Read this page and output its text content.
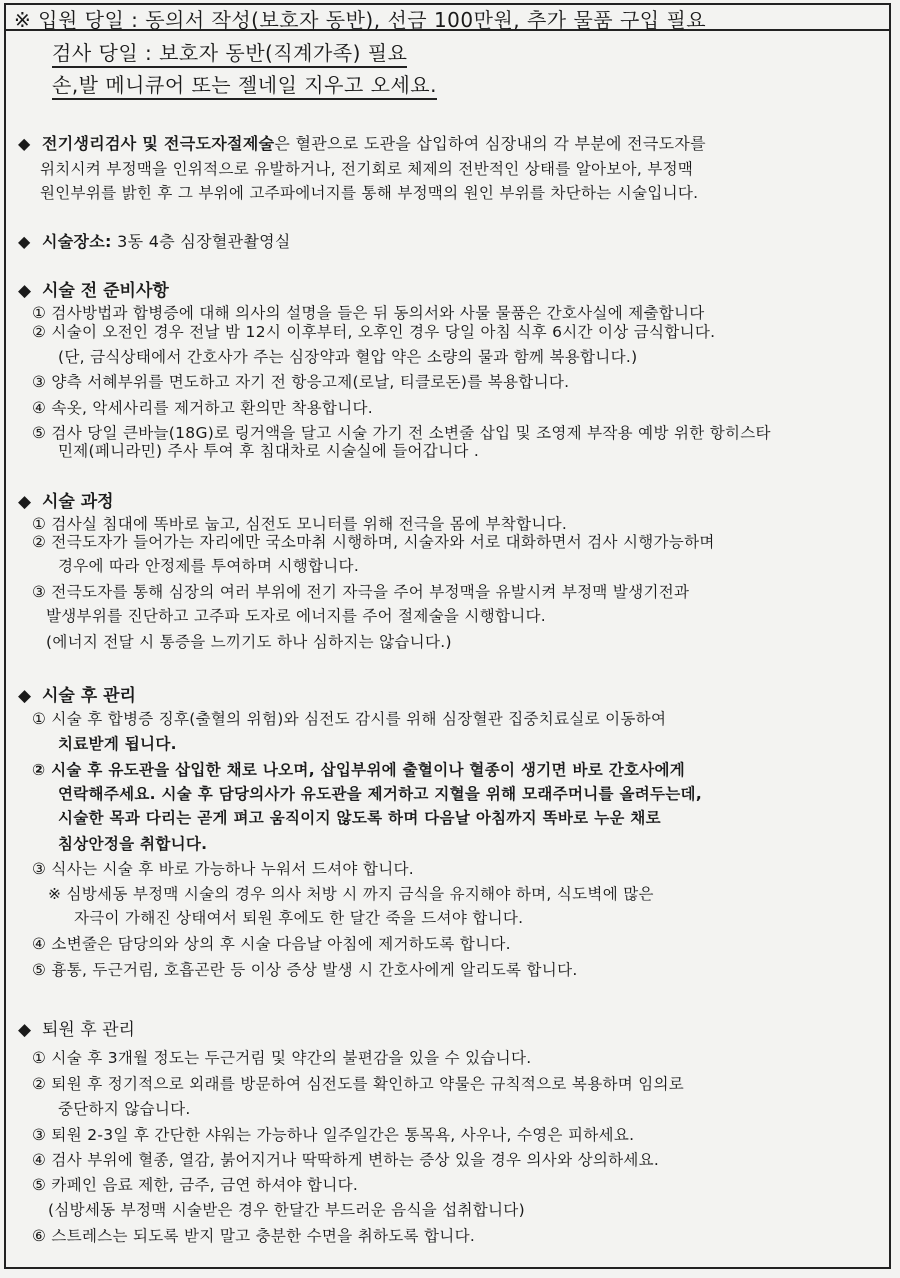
※ 입원 당일 : 동의서 작성(보호자 동반), 선금 100만원, 추가 물품 구입 필요
검사 당일 : 보호자 동반(직계가족) 필요
손,발 메니큐어 또는 젤네일 지우고 오세요.
◆ 전기생리검사 및 전극도자절제술은 혈관으로 도관을 삽입하여 심장내의 각 부분에 전극도자를
위치시켜 부정맥을 인위적으로 유발하거나, 전기회로 체제의 전반적인 상태를 알아보아, 부정맥
원인부위를 밝힌 후 그 부위에 고주파에너지를 통해 부정맥의 원인 부위를 차단하는 시술입니다.
◆ 시술장소: 3동 4층 심장혈관촬영실
◆ 시술 전 준비사항
① 검사방법과 합병증에 대해 의사의 설명을 들은 뒤 동의서와 사물 물품은 간호사실에 제출합니다
② 시술이 오전인 경우 전날 밤 12시 이후부터, 오후인 경우 당일 아침 식후 6시간 이상 금식합니다.
(단, 금식상태에서 간호사가 주는 심장약과 혈압 약은 소량의 물과 함께 복용합니다.)
③ 양측 서혜부위를 면도하고 자기 전 항응고제(로날, 티클로돈)를 복용합니다.
④ 속옷, 악세사리를 제거하고 환의만 착용합니다.
⑤ 검사 당일 큰바늘(18G)로 링거액을 달고 시술 가기 전 소변줄 삽입 및 조영제 부작용 예방 위한 항히스타
민제(페니라민) 주사 투여 후 침대차로 시술실에 들어갑니다 .
◆ 시술 과정
① 검사실 침대에 똑바로 눕고, 심전도 모니터를 위해 전극을 몸에 부착합니다.
② 전극도자가 들어가는 자리에만 국소마취 시행하며, 시술자와 서로 대화하면서 검사 시행가능하며
경우에 따라 안정제를 투여하며 시행합니다.
③ 전극도자를 통해 심장의 여러 부위에 전기 자극을 주어 부정맥을 유발시켜 부정맥 발생기전과
발생부위를 진단하고 고주파 도자로 에너지를 주어 절제술을 시행합니다.
(에너지 전달 시 통증을 느끼기도 하나 심하지는 않습니다.)
◆ 시술 후 관리
① 시술 후 합병증 징후(출혈의 위험)와 심전도 감시를 위해 심장혈관 집중치료실로 이동하여
치료받게 됩니다.
② 시술 후 유도관을 삽입한 채로 나오며, 삽입부위에 출혈이나 혈종이 생기면 바로 간호사에게
연락해주세요. 시술 후 담당의사가 유도관을 제거하고 지혈을 위해 모래주머니를 올려두는데,
시술한 목과 다리는 곧게 펴고 움직이지 않도록 하며 다음날 아침까지 똑바로 누운 채로
침상안정을 취합니다.
③ 식사는 시술 후 바로 가능하나 누워서 드셔야 합니다.
※ 심방세동 부정맥 시술의 경우 의사 처방 시 까지 금식을 유지해야 하며, 식도벽에 많은
자극이 가해진 상태여서 퇴원 후에도 한 달간 죽을 드셔야 합니다.
④ 소변줄은 담당의와 상의 후 시술 다음날 아침에 제거하도록 합니다.
⑤ 흉통, 두근거림, 호흡곤란 등 이상 증상 발생 시 간호사에게 알리도록 합니다.
◆ 퇴원 후 관리
① 시술 후 3개월 정도는 두근거림 및 약간의 불편감을 있을 수 있습니다.
② 퇴원 후 정기적으로 외래를 방문하여 심전도를 확인하고 약물은 규칙적으로 복용하며 임의로
중단하지 않습니다.
③ 퇴원 2-3일 후 간단한 샤워는 가능하나 일주일간은 통목욕, 사우나, 수영은 피하세요.
④ 검사 부위에 혈종, 열감, 붉어지거나 딱딱하게 변하는 증상 있을 경우 의사와 상의하세요.
⑤ 카페인 음료 제한, 금주, 금연 하셔야 합니다.
(심방세동 부정맥 시술받은 경우 한달간 부드러운 음식을 섭취합니다)
⑥ 스트레스는 되도록 받지 말고 충분한 수면을 취하도록 합니다.
